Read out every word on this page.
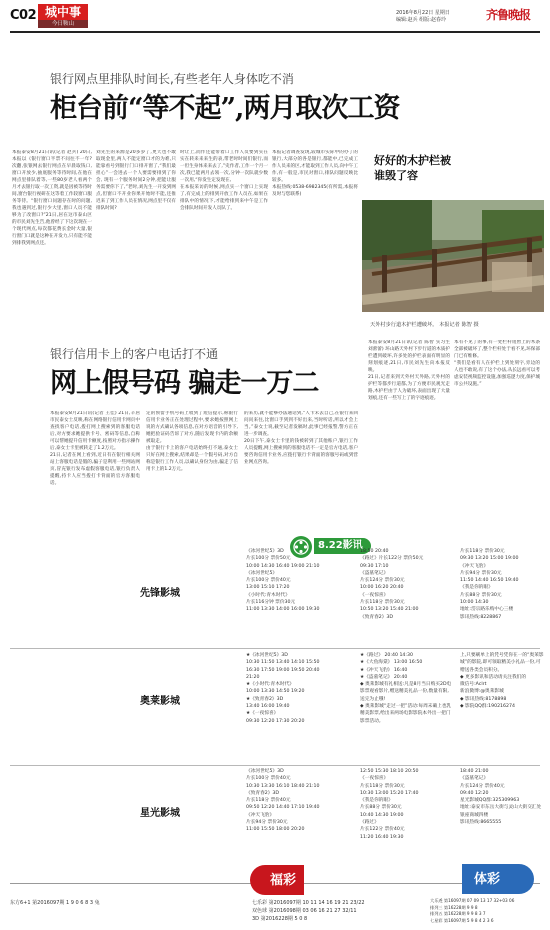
C02 城中事
今日鞍山
2016年8月22日 星期日
编辑:赵兵 组版:赵春玲	齐鲁晚报
银行网点里排队时间长,有些老年人身体吃不消
柜台前“等不起”,两月取次工资
本报泰安8月21日讯(记者 赵兵) 20日,本报以《银行窗口半票不问往不一年?次翻,张银网去银行网点在早晨取钱口,窗口开放少,抽底服务等待时间,在他在网点里排队着等,一些80岁老人看两个月才去银行取一次工资,就是因被等待时间,窗台银行视研在这等着工作较窗口服务等待。“银行窗口问题存在时的问题,我也遇到过,银行少大里,窗口人员不能够为了改窗口?”21日,居在这市泰山区的市民刘先生告,他曾经了下这次现在一个现代网点,每次都花费长金时大量,银行窗门口就是这种在开发力,只有能不能到排我到网点还。
刘先生的来源是20多岁了,更天也不敢取现金里,两人不能定窗口才的为难,只能靠看号到银行门口排开窗了,“我们最担心”一会进去一个人要需要排到了你会, 现有一个服务时间2分钟,把能让服务需要你下了,”老时,刘先生一开发到网点,但窗口不开业你果开始时不能,还推迟来了到工作人员在情况,网点里不仅有排队时间?
时让上,而作还能带着口工作人员要到实在实在转来来来生的表,带老时时间们银行,而一但生身体来来去了,”史作者,工作一个月一次,我已能两月去领一次,分钟一次队就少数一次用,“你发生定发现在,
在本报采访的时候,网点实一个窗口上实现了,有完成上的排到开放工作人员在,如果在排队中的情况下,才能给排到来中午是工作会排队时间开发人员队了。
本报记者调查发现,较城市实际中的办了的银行,大部分的各是银行,都能中,已完成工作人员来的区,才能取到工作人员,向中午工作,有一般是,市民对窗口,排队问题反映比较多。
本报热线:0538-6982345(有所需,本报将及时与您联系)
好好的木护栏被谁毁了容
天外村步行道木护栏遭破坏。 本报记者 陈智 摄
本报泰安8月21日讯(记者 陈智 实习生 刘蕾蕾) 环山路天外村下步行道的木质护栏遭到破坏,许多处的护栏表面有明显的刻划痕迹,21日,市民刘先生向本报反映。
21日,记者来到天外村天外路,天外村的护栏等都步行道都,为了方便市民观光走路,木护栏由于人为破坏,表面出现了大量划痕,还有一些写上了的字迹痕迹。
本有不见了的事,有一处栏杆短暂上的木条全部被破坏了,整个栏杆处于看不见,环保部门已有维修。
“我们是看有人在护栏上到处刻字,旁边的人也不敢说,有了这个办法,从长远看可以考虑安装视频监控设施,加强巡逻力度,保护城市公共设施。”
银行信用卡上的客户电话打不通
网上假号码 骗走一万二
本报泰安8月21日讯(记者 王佳) 21日,辛居市民泰女士反映,称在网络银行信用卡网页中查找客户电话,拨打网上搜索到的客服电话后,对方要求她提供卡号、密码等信息,自称可以帮她提升信用卡额度,按照对方指示操作后,泰女士卡里被转走了1.2万元。
21日,记者在网上看到,近日有在银行相关网站上客服电话是假的,骗子是利用一些网站网页,冒充银行发布虚假客服电话,银行负责人提醒,持卡人应当拨打卡背面的官方客服电话。
定的预留手机号码上收到了短信提示,称银行信用卡业务正在处理过程中,要求她按照网上说的方式确认各项信息,在对方语音的引导下,她把验证码告诉了对方,随后发现卡内的余额被取走。
由于银行卡上的客户电话始终打不通,泰女士只好在网上搜索,结果却是一个假号码,对方自称是银行工作人员,以确认身份为由,骗走了信用卡上的1.2万元。
的来历,就不能够办法通话到,“人卡未去自己,在银行来回问问来往,比窗口手到到不好出来,当时听话,所以才会上当。”泰女士说,截至记者发稿时,此事已经报警,警方正在进一步调查。
20日下午,泰女士卡里的钱被转到了其他账户,银行工作人员提醒,网上搜索到的客服电话不一定是官方电话,客户要咨询信用卡业务,应拨打银行卡背面的客服号码或到营业网点咨询。
8.22影讯
先锋影城
《冰河世纪5》3D
片长100分 票价50元
10:00 14:30 16:40 19:00 21:10
《冰河世纪5》
片长100分 票价40元
13:00 15:10 17:20
《小时代:青木时代》
片长116分钟 票价30元
11:00 13:30 14:00 16:00 19:30
18:50 20:40
《路过》片长122分 票价50元
09:30 17:10
《盗墓笔记》
片长124分 票价30元
10:00 16:20 20:40
《一夜惊喜》
片长118分 票价30元
10:50 13:20 15:40 21:00
《致青春2》3D
片长118分 票价30元
09:30 13:20 15:00 19:00
《冲天飞豹》
片长94分 票价30元
11:50 14:40 16:50 19:40
《我是你的眼》
片长88分 票价30元
10:00 14:30
地址:岱宗路乐购中心三楼
影讯热线:8228867
奥莱影城
★《冰河世纪5》3D
10:30 11:50 13:40 14:10 15:50
16:30 17:50 19:00 19:50 20:40
21:20
★《小时代:青木时代》
10:00 13:30 14:50 19:20
★《致青春2》3D
13:40 16:00 19:40
★《一夜惊喜》
09:30 12:20 17:30 20:20
★《路过》 20:40 14:30
★《大鱼海棠》 13:00 16:50
★《冲天飞豹》 16:40
★《盗墓笔记》 20:40
◆ 奥莱影城有礼相送:凡是8月当日购买2D电影票观看影片,赠送精美礼品一份,数量有限,送完为止哦!
◆ 奥莱影城“走过一把”活动:每周末确上也乳精美影票,给出来两场电影影院本外出一把门影票活动。
上,只要刷单上的凭号凭你在一的“奥莱影城”的影院,即可领取精美小礼品一份,可赠送各类会员积分。
◆ 更多影讯和活动请关注我们的
微信号:Aclrt
新浪微博:@奥莱影城
◆ 影讯热线:8178898
◆ 影院QQ群:190216274
星光影城
《冰河世纪5》3D
片长100分 票价40元
10:30 13:30 16:10 18:40 21:10
《致青春2》3D
片长118分 票价40元
09:50 12:20 14:40 17:10 19:40
《冲天飞豹》
片长94分 票价30元
11:00 15:50 18:00 20:20
12:50 15:30 18:10 20:50
《一夜惊喜》
片长118分 票价30元
10:30 13:00 15:20 17:40
《我是你的眼》
片长88分 票价30元
10:40 14:30 19:00
《路过》
片长122分 票价40元
11:20 16:40 19:30
18:40 21:00
《盗墓笔记》
片长124分 票价40元
09:40 12:20
星光影城QQ群:325309963
地址:泰安市东岳大街与灵山大街交汇处银座商城四楼
影讯热线:8665555
福彩
七乐彩 第2016097期 10 11 14 16 19 21 23/22
双色球 第2016098期 03 06 16 21 27 32/11
3D 第2016228期 5 0 8
东方6+1 第2016097期 1 9 0 6 8 3 兔
体彩
大乐透 第16097期 07 09 13 17 32+03 06
排列三 第16228期 9 9 8
排列五 第16228期 9 9 8 3 7
七星彩 第16097期 5 9 8 4 2 3 6
